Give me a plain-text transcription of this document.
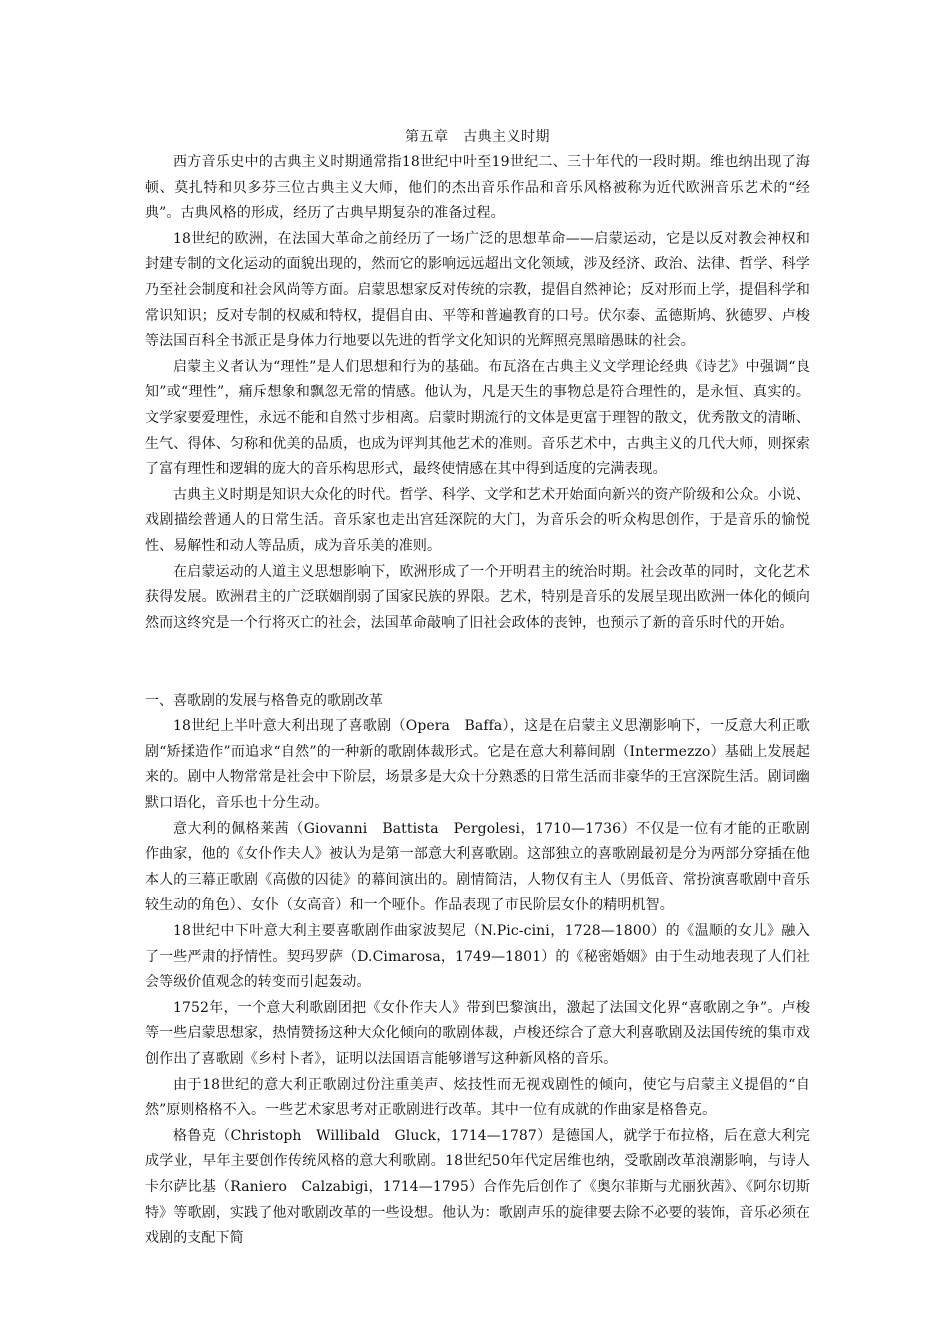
第五章　古典主义时期

西方音乐史中的古典主义时期通常指18世纪中叶至19世纪二、三十年代的一段时期。维也纳出现了海顿、莫扎特和贝多芬三位古典主义大师，他们的杰出音乐作品和音乐风格被称为近代欧洲音乐艺术的“经典”。古典风格的形成，经历了古典早期复杂的准备过程。

18世纪的欧洲，在法国大革命之前经历了一场广泛的思想革命——启蒙运动，它是以反对教会神权和封建专制的文化运动的面貌出现的，然而它的影响远远超出文化领域，涉及经济、政治、法律、哲学、科学乃至社会制度和社会风尚等方面。启蒙思想家反对传统的宗教，提倡自然神论；反对形而上学，提倡科学和常识知识；反对专制的权威和特权，提倡自由、平等和普遍教育的口号。伏尔泰、孟德斯鸠、狄德罗、卢梭等法国百科全书派正是身体力行地要以先进的哲学文化知识的光辉照亮黑暗愚昧的社会。

启蒙主义者认为“理性”是人们思想和行为的基础。布瓦洛在古典主义文学理论经典《诗艺》中强调“良知”或“理性”，痛斥想象和飘忽无常的情感。他认为，凡是天生的事物总是符合理性的，是永恒、真实的。文学家要爱理性，永远不能和自然寸步相离。启蒙时期流行的文体是更富于理智的散文，优秀散文的清晰、生气、得体、匀称和优美的品质，也成为评判其他艺术的准则。音乐艺术中，古典主义的几代大师，则探索了富有理性和逻辑的庞大的音乐构思形式，最终使情感在其中得到适度的完满表现。

古典主义时期是知识大众化的时代。哲学、科学、文学和艺术开始面向新兴的资产阶级和公众。小说、戏剧描绘普通人的日常生活。音乐家也走出宫廷深院的大门，为音乐会的听众构思创作，于是音乐的愉悦性、易解性和动人等品质，成为音乐美的准则。

在启蒙运动的人道主义思想影响下，欧洲形成了一个开明君主的统治时期。社会改革的同时，文化艺术获得发展。欧洲君主的广泛联姻削弱了国家民族的界限。艺术，特别是音乐的发展呈现出欧洲一体化的倾向然而这终究是一个行将灭亡的社会，法国革命敲响了旧社会政体的丧钟，也预示了新的音乐时代的开始。

一、喜歌剧的发展与格鲁克的歌剧改革

18世纪上半叶意大利出现了喜歌剧（Opera　Baffa），这是在启蒙主义思潮影响下，一反意大利正歌剧“矫揉造作”而追求“自然”的一种新的歌剧体裁形式。它是在意大利幕间剧（Intermezzo）基础上发展起来的。剧中人物常常是社会中下阶层，场景多是大众十分熟悉的日常生活而非豪华的王宫深院生活。剧词幽默口语化，音乐也十分生动。

意大利的佩格莱茜（Giovanni　Battista　Pergolesi，1710—1736）不仅是一位有才能的正歌剧作曲家，他的《女仆作夫人》被认为是第一部意大利喜歌剧。这部独立的喜歌剧最初是分为两部分穿插在他本人的三幕正歌剧《高傲的囚徒》的幕间演出的。剧情简洁，人物仅有主人（男低音、常扮演喜歌剧中音乐较生动的角色）、女仆（女高音）和一个哑仆。作品表现了市民阶层女仆的精明机智。

18世纪中下叶意大利主要喜歌剧作曲家波契尼（N.Pic-cini，1728—1800）的《温顺的女儿》融入了一些严肃的抒情性。契玛罗萨（D.Cimarosa，1749—1801）的《秘密婚姻》由于生动地表现了人们社会等级价值观念的转变而引起轰动。

1752年，一个意大利歌剧团把《女仆作夫人》带到巴黎演出，激起了法国文化界“喜歌剧之争”。卢梭等一些启蒙思想家，热情赞扬这种大众化倾向的歌剧体裁，卢梭还综合了意大利喜歌剧及法国传统的集市戏创作出了喜歌剧《乡村卜者》，证明以法国语言能够谱写这种新风格的音乐。

由于18世纪的意大利正歌剧过份注重美声、炫技性而无视戏剧性的倾向，使它与启蒙主义提倡的“自然”原则格格不入。一些艺术家思考对正歌剧进行改革。其中一位有成就的作曲家是格鲁克。

格鲁克（Christoph　Willibald　Gluck，1714—1787）是德国人，就学于布拉格，后在意大利完成学业，早年主要创作传统风格的意大利歌剧。18世纪50年代定居维也纳，受歌剧改革浪潮影响，与诗人卡尔萨比基（Raniero　Calzabigi，1714—1795）合作先后创作了《奥尔菲斯与尤丽狄茜》、《阿尔切斯特》等歌剧，实践了他对歌剧改革的一些设想。他认为：歌剧声乐的旋律要去除不必要的装饰，音乐必须在戏剧的支配下简
